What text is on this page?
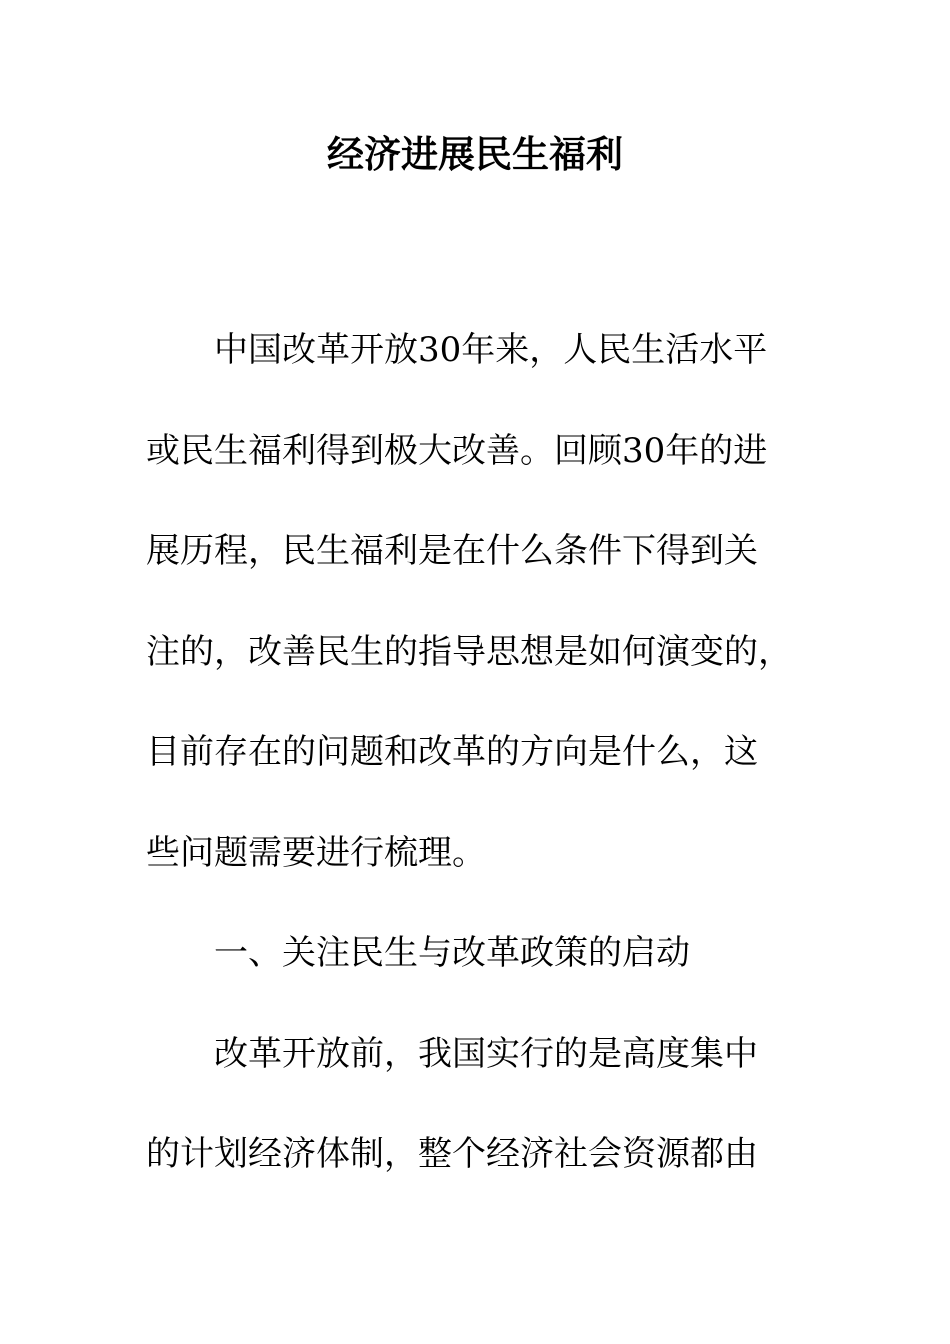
经济进展民生福利

中国改革开放30年来，人民生活水平
或民生福利得到极大改善。回顾30年的进
展历程，民生福利是在什么条件下得到关
注的，改善民生的指导思想是如何演变的，
目前存在的问题和改革的方向是什么，这
些问题需要进行梳理。

一、关注民生与改革政策的启动

改革开放前，我国实行的是高度集中
的计划经济体制，整个经济社会资源都由
